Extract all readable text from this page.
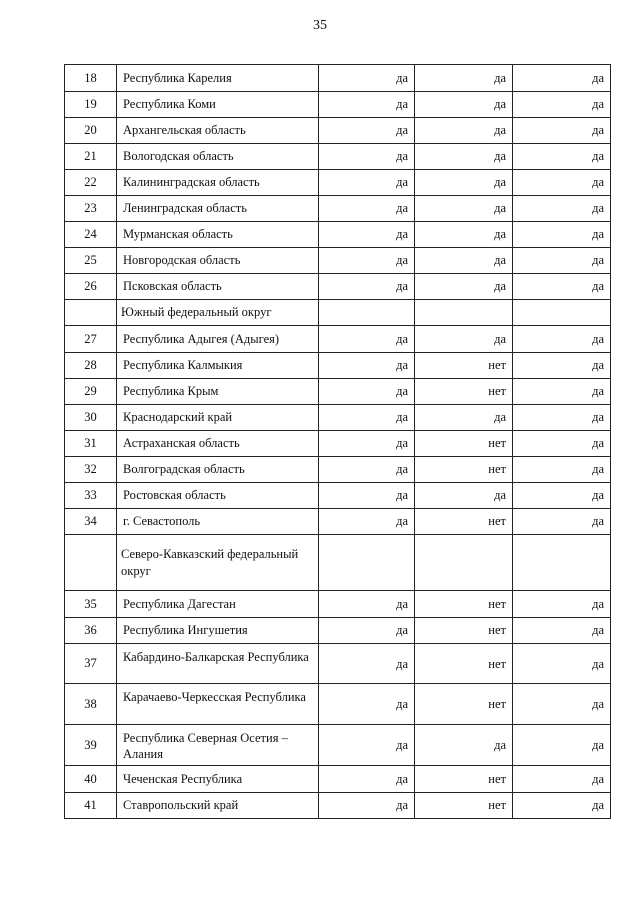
35
18	Республика Карелия	да	да	да
19	Республика Коми	да	да	да
20	Архангельская область	да	да	да
21	Вологодская область	да	да	да
22	Калининградская область	да	да	да
23	Ленинградская область	да	да	да
24	Мурманская область	да	да	да
25	Новгородская область	да	да	да
26	Псковская область	да	да	да
	Южный федеральный округ			
27	Республика Адыгея (Адыгея)	да	да	да
28	Республика Калмыкия	да	нет	да
29	Республика Крым	да	нет	да
30	Краснодарский край	да	да	да
31	Астраханская область	да	нет	да
32	Волгоградская область	да	нет	да
33	Ростовская область	да	да	да
34	г. Севастополь	да	нет	да
	Северо-Кавказский федеральный округ			
35	Республика Дагестан	да	нет	да
36	Республика Ингушетия	да	нет	да
37	Кабардино-Балкарская Республика	да	нет	да
38	Карачаево-Черкесская Республика	да	нет	да
39	Республика Северная Осетия – Алания	да	да	да
40	Чеченская Республика	да	нет	да
41	Ставропольский край	да	нет	да
